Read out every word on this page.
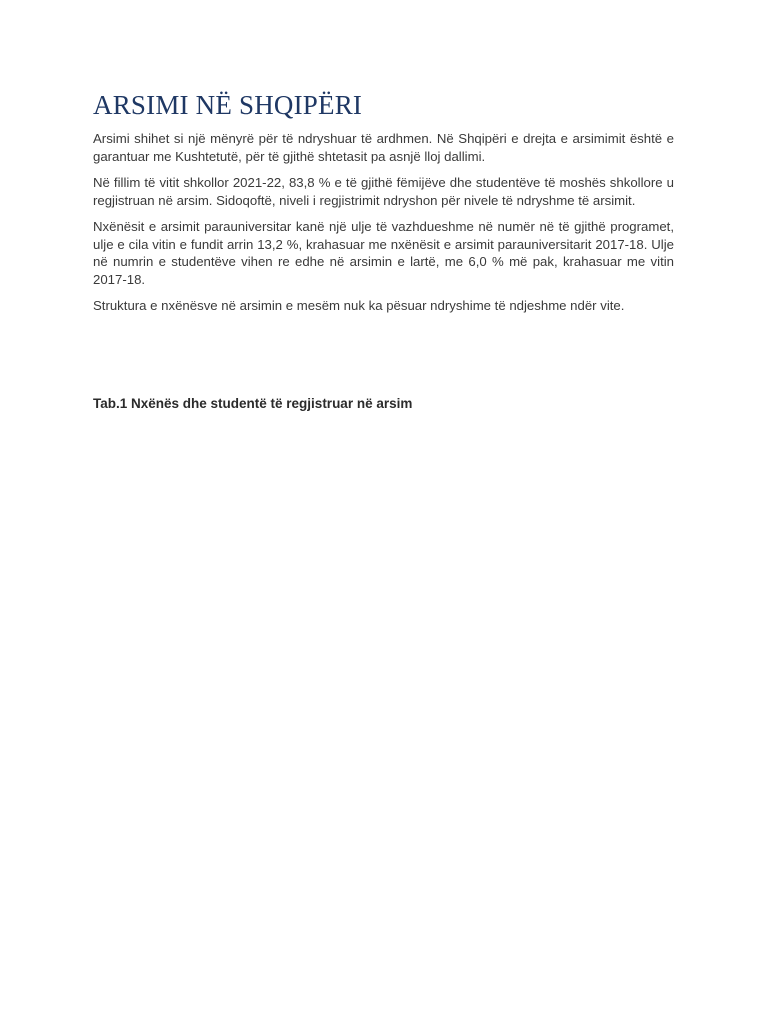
ARSIMI NË SHQIPËRI

Arsimi shihet si një mënyrë për të ndryshuar të ardhmen. Në Shqipëri e drejta e arsimimit është e garantuar me Kushtetutë, për të gjithë shtetasit pa asnjë lloj dallimi.

Në fillim të vitit shkollor 2021-22, 83,8 % e të gjithë fëmijëve dhe studentëve të moshës shkollore u regjistruan në arsim. Sidoqoftë, niveli i regjistrimit ndryshon për nivele të ndryshme të arsimit.

Nxënësit e arsimit parauniversitar kanë një ulje të vazhdueshme në numër në të gjithë programet, ulje e cila vitin e fundit arrin 13,2 %, krahasuar me nxënësit e arsimit parauniversitarit 2017-18. Ulje në numrin e studentëve vihen re edhe në arsimin e lartë, me 6,0 % më pak, krahasuar me vitin 2017-18.

Struktura e nxënësve në arsimin e mesëm nuk ka pësuar ndryshime të ndjeshme ndër vite.

Tab.1 Nxënës dhe studentë të regjistruar në arsim
